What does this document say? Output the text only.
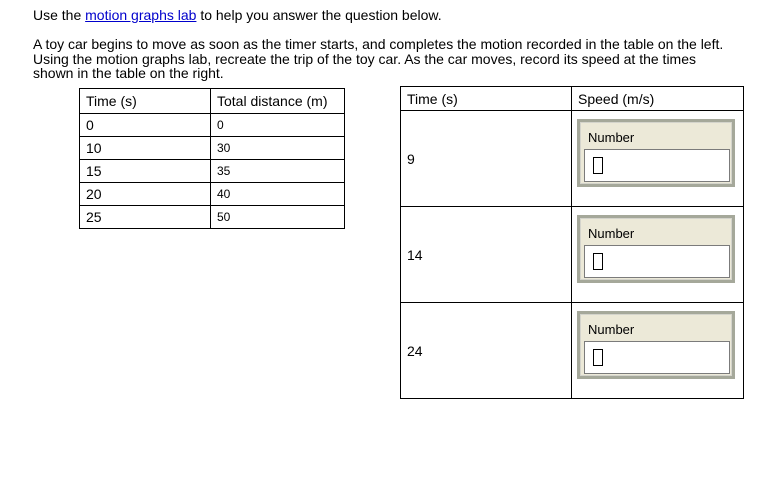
Use the motion graphs lab to help you answer the question below.
A toy car begins to move as soon as the timer starts, and completes the motion recorded in the table on the left. Using the motion graphs lab, recreate the trip of the toy car. As the car moves, record its speed at the times shown in the table on the right.
Time (s)	Total distance (m)
0	0
10	30
15	35
20	40
25	50
Time (s)	Speed (m/s)
9	Number

14	Number

24	Number
